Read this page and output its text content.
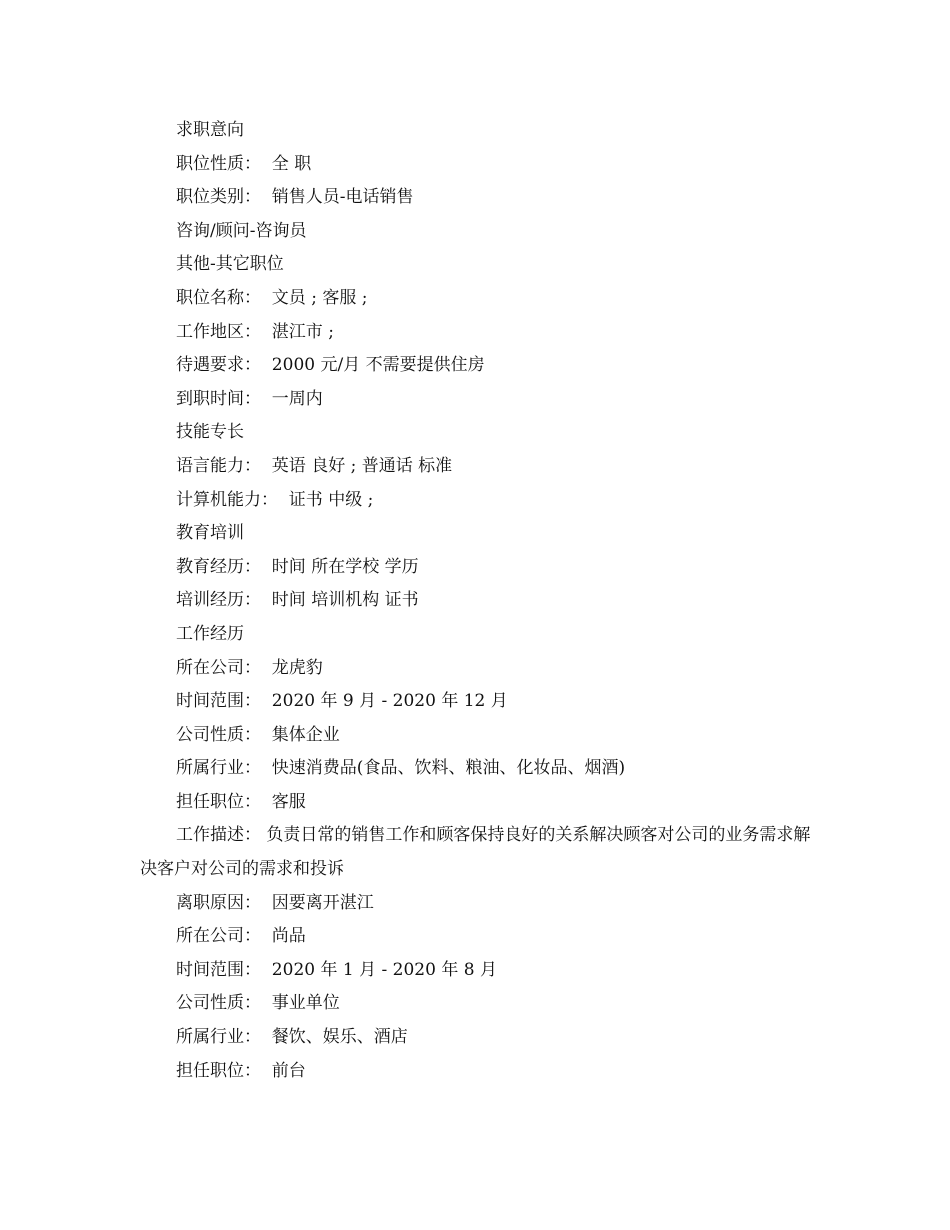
求职意向
职位性质：  全 职
职位类别：  销售人员-电话销售
咨询/顾问-咨询员
其他-其它职位
职位名称：  文员 ; 客服 ;
工作地区：  湛江市 ;
待遇要求：  2000 元/月 不需要提供住房
到职时间：  一周内
技能专长
语言能力：  英语 良好 ; 普通话 标准
计算机能力：  证书 中级 ;
教育培训
教育经历：  时间 所在学校 学历
培训经历：  时间 培训机构 证书
工作经历
所在公司：  龙虎豹
时间范围：  2020 年 9 月 - 2020 年 12 月
公司性质：  集体企业
所属行业：  快速消费品(食品、饮料、粮油、化妆品、烟酒)
担任职位：  客服
工作描述： 负责日常的销售工作和顾客保持良好的关系解决顾客对公司的业务需求解决客户对公司的需求和投诉
离职原因：  因要离开湛江
所在公司：  尚品
时间范围：  2020 年 1 月 - 2020 年 8 月
公司性质：  事业单位
所属行业：  餐饮、娱乐、酒店
担任职位：  前台
